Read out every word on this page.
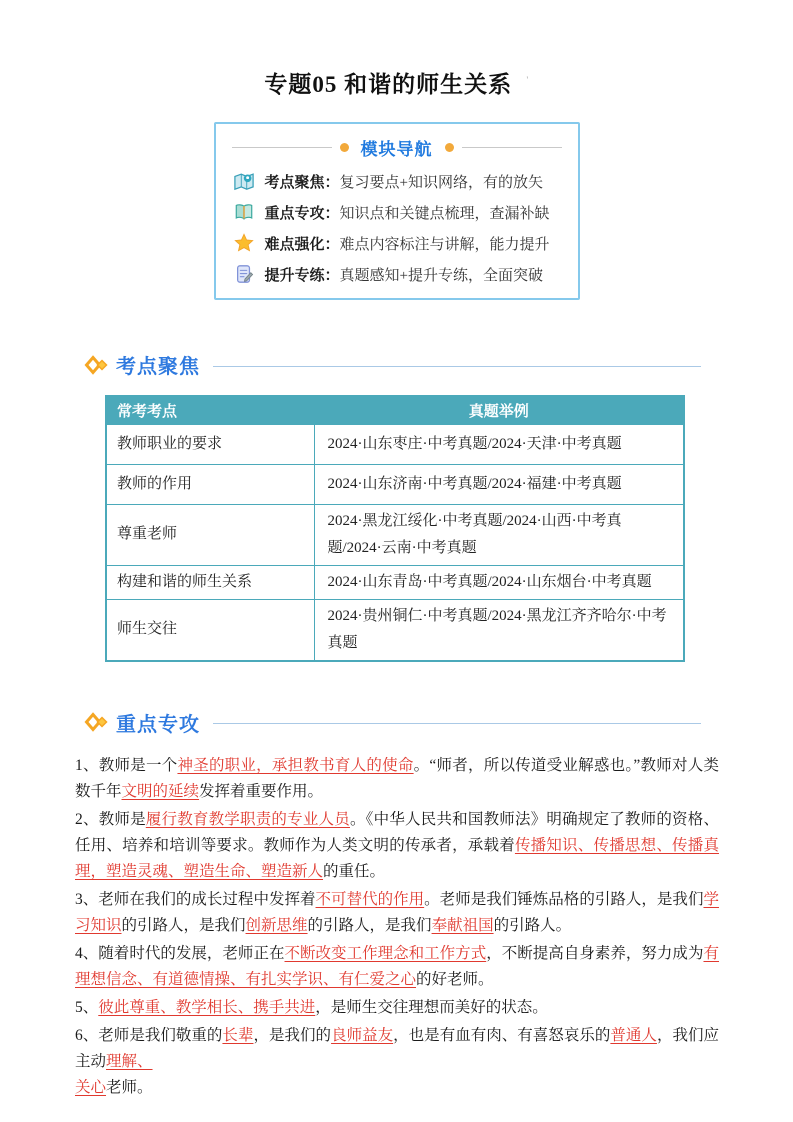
专题05 和谐的师生关系 '
模块导航
考点聚焦： 复习要点+知识网络，有的放矢
重点专攻： 知识点和关键点梳理，查漏补缺
难点强化： 难点内容标注与讲解，能力提升
提升专练： 真题感知+提升专练，全面突破
考点聚焦
常考考点	真题举例
教师职业的要求	2024·山东枣庄·中考真题/2024·天津·中考真题
教师的作用	2024·山东济南·中考真题/2024·福建·中考真题
尊重老师	2024·黑龙江绥化·中考真题/2024·山西·中考真题/2024·云南·中考真题
构建和谐的师生关系	2024·山东青岛·中考真题/2024·山东烟台·中考真题
师生交往	2024·贵州铜仁·中考真题/2024·黑龙江齐齐哈尔·中考真题
重点专攻

1、教师是一个神圣的职业，承担教书育人的使命。“师者，所以传道受业解惑也。”教师对人类数千年文明的延续发挥着重要作用。

2、教师是履行教育教学职责的专业人员。《中华人民共和国教师法》明确规定了教师的资格、任用、培养和培训等要求。教师作为人类文明的传承者，承载着传播知识、传播思想、传播真理，塑造灵魂、塑造生命、塑造新人的重任。

3、老师在我们的成长过程中发挥着不可替代的作用。老师是我们锤炼品格的引路人，是我们学习知识的引路人，是我们创新思维的引路人，是我们奉献祖国的引路人。

4、随着时代的发展，老师正在不断改变工作理念和工作方式，不断提高自身素养，努力成为有理想信念、有道德情操、有扎实学识、有仁爱之心的好老师。

5、彼此尊重、教学相长、携手共进，是师生交往理想而美好的状态。

6、老师是我们敬重的长辈，是我们的良师益友，也是有血有肉、有喜怒哀乐的普通人，我们应主动理解、
关心老师。
